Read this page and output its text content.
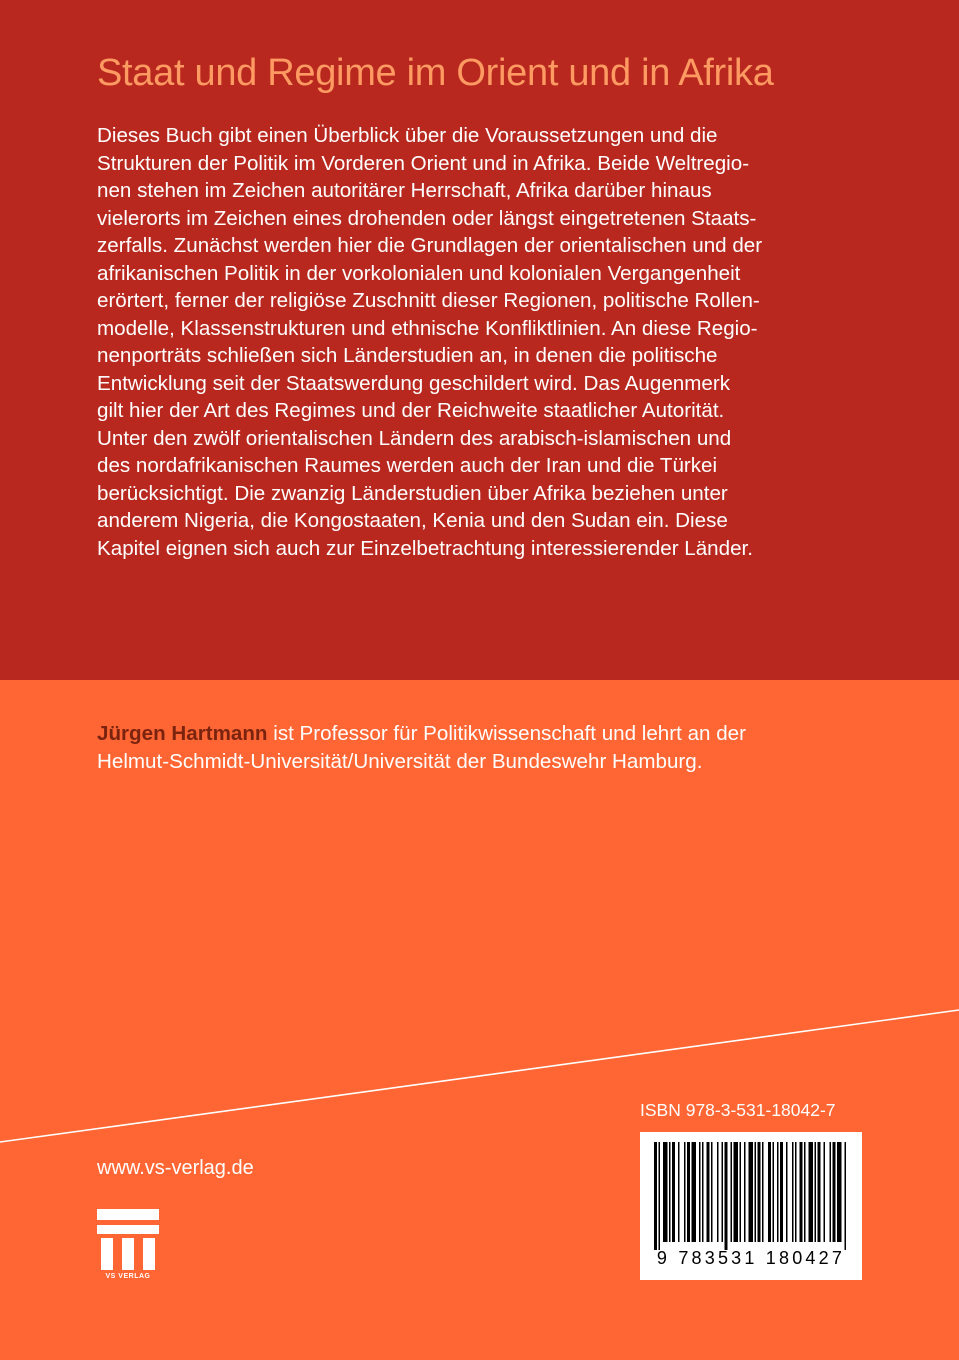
Staat und Regime im Orient und in Afrika
Dieses Buch gibt einen Überblick über die Voraussetzungen und die
Strukturen der Politik im Vorderen Orient und in Afrika. Beide Weltregio-
nen stehen im Zeichen autoritärer Herrschaft, Afrika darüber hinaus
vielerorts im Zeichen eines drohenden oder längst eingetretenen Staats-
zerfalls. Zunächst werden hier die Grundlagen der orientalischen und der
afrikanischen Politik in der vorkolonialen und kolonialen Vergangenheit
erörtert, ferner der religiöse Zuschnitt dieser Regionen, politische Rollen-
modelle, Klassenstrukturen und ethnische Konfliktlinien. An diese Regio-
nenporträts schließen sich Länderstudien an, in denen die politische
Entwicklung seit der Staatswerdung geschildert wird. Das Augenmerk
gilt hier der Art des Regimes und der Reichweite staatlicher Autorität.
Unter den zwölf orientalischen Ländern des arabisch-islamischen und
des nordafrikanischen Raumes werden auch der Iran und die Türkei
berücksichtigt. Die zwanzig Länderstudien über Afrika beziehen unter
anderem Nigeria, die Kongostaaten, Kenia und den Sudan ein. Diese
Kapitel eignen sich auch zur Einzelbetrachtung interessierender Länder.
Jürgen Hartmann ist Professor für Politikwissenschaft und lehrt an der
Helmut-Schmidt-Universität/Universität der Bundeswehr Hamburg.
ISBN 978-3-531-18042-7
9 783531 180427
www.vs-verlag.de
VS VERLAG
